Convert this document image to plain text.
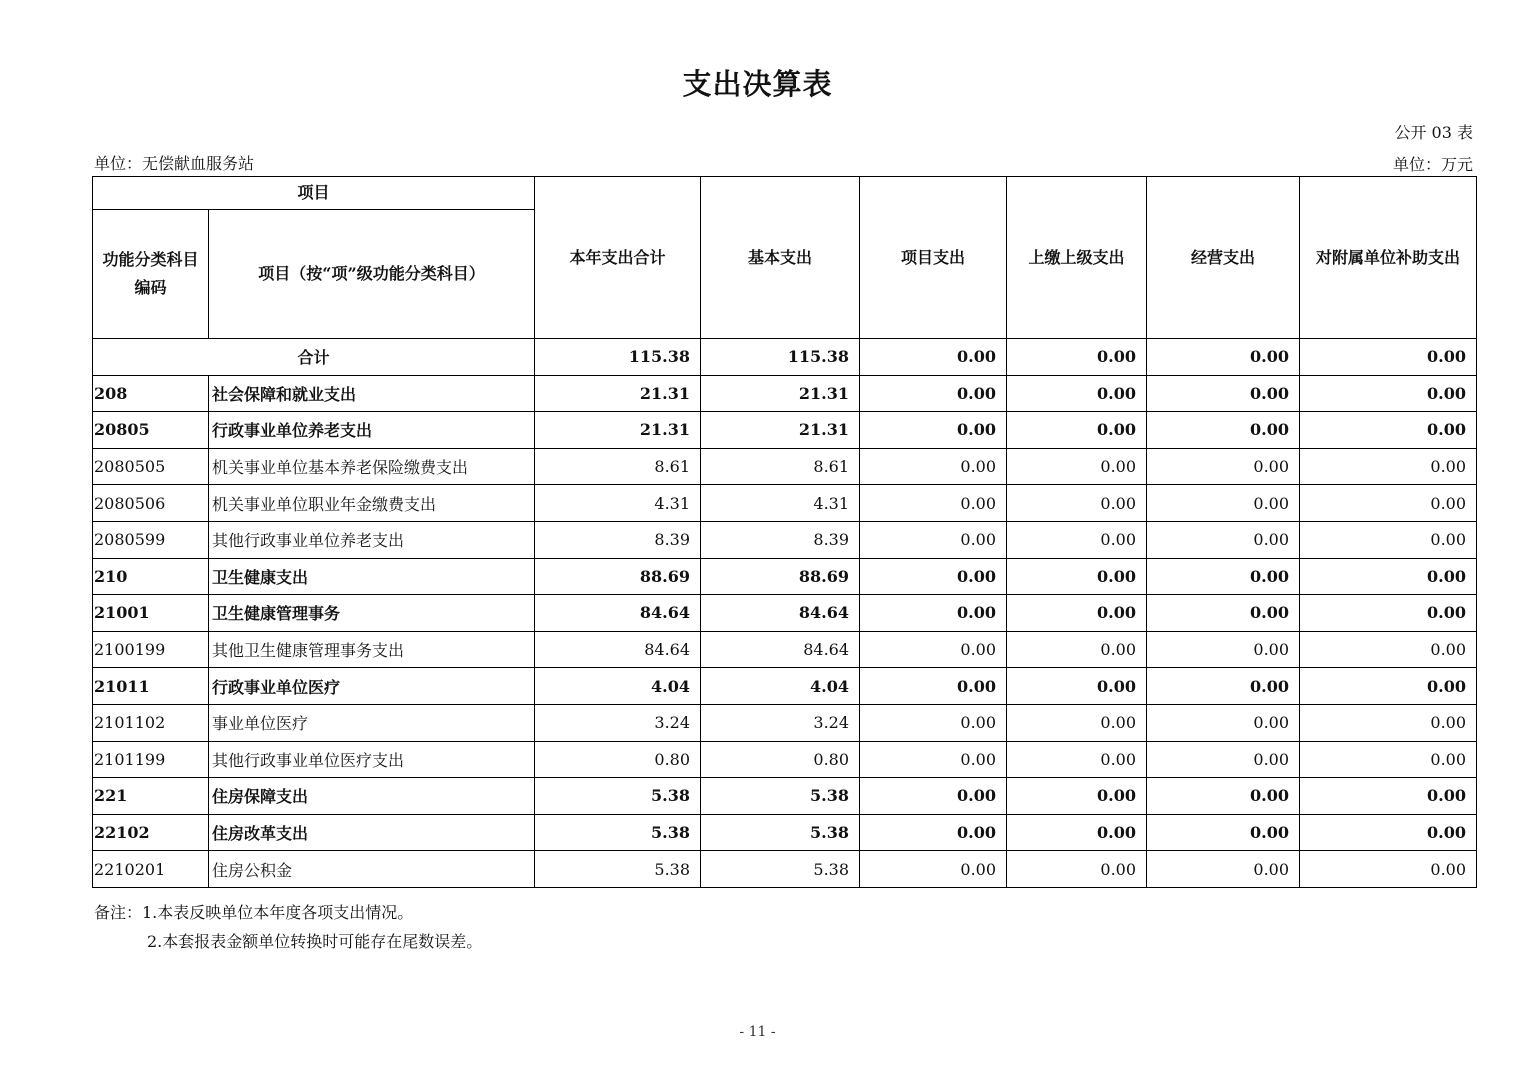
支出决算表
公开 03 表
单位：无偿献血服务站	单位：万元
项目		本年支出合计	基本支出	项目支出	上缴上级支出	经营支出	对附属单位补助支出
功能分类科目编码	项目（按“项”级功能分类科目）						
合计		115.38	115.38	0.00	0.00	0.00	0.00
208	社会保障和就业支出	21.31	21.31	0.00	0.00	0.00	0.00
20805	行政事业单位养老支出	21.31	21.31	0.00	0.00	0.00	0.00
2080505	机关事业单位基本养老保险缴费支出	8.61	8.61	0.00	0.00	0.00	0.00
2080506	机关事业单位职业年金缴费支出	4.31	4.31	0.00	0.00	0.00	0.00
2080599	其他行政事业单位养老支出	8.39	8.39	0.00	0.00	0.00	0.00
210	卫生健康支出	88.69	88.69	0.00	0.00	0.00	0.00
21001	卫生健康管理事务	84.64	84.64	0.00	0.00	0.00	0.00
2100199	其他卫生健康管理事务支出	84.64	84.64	0.00	0.00	0.00	0.00
21011	行政事业单位医疗	4.04	4.04	0.00	0.00	0.00	0.00
2101102	事业单位医疗	3.24	3.24	0.00	0.00	0.00	0.00
2101199	其他行政事业单位医疗支出	0.80	0.80	0.00	0.00	0.00	0.00
221	住房保障支出	5.38	5.38	0.00	0.00	0.00	0.00
22102	住房改革支出	5.38	5.38	0.00	0.00	0.00	0.00
2210201	住房公积金	5.38	5.38	0.00	0.00	0.00	0.00
备注：1.本表反映单位本年度各项支出情况。
2.本套报表金额单位转换时可能存在尾数误差。
- 11 -
